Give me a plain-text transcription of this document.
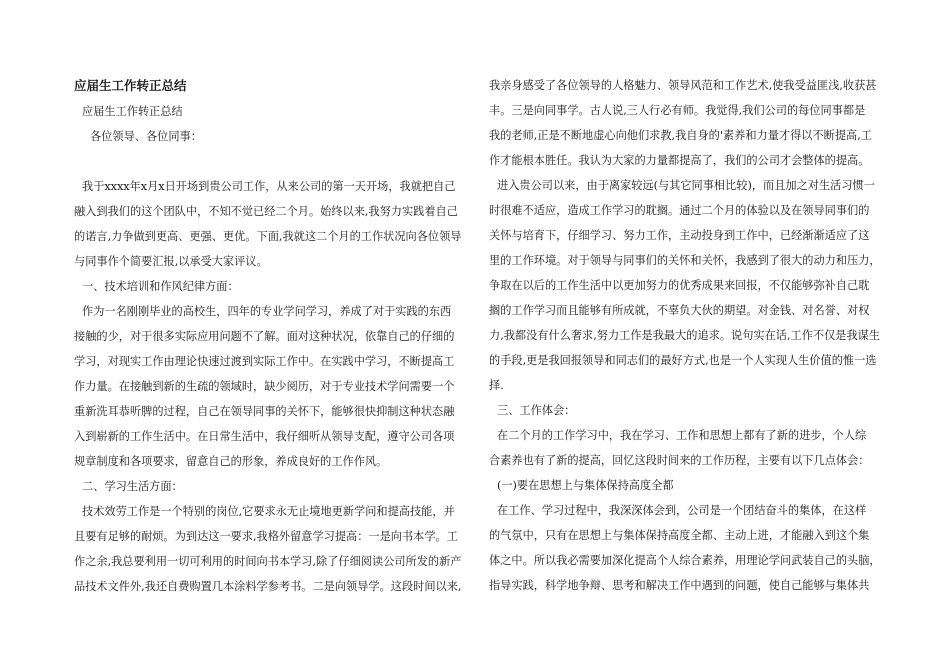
应届生工作转正总结
应届生工作转正总结
各位领导、各位同事：
我于xxxx年x月x日开场到贵公司工作，从来公司的第一天开场，我就把自己
融入到我们的这个团队中，不知不觉已经二个月。始终以来,我努力实践着自己
的诺言,力争做到更高、更强、更优。下面,我就这二个月的工作状况向各位领导
与同事作个简要汇报,以承受大家评议。
一、技术培训和作风纪律方面：
作为一名刚刚毕业的高校生，四年的专业学问学习，养成了对于实践的东西
接触的少，对于很多实际应用问题不了解。面对这种状况，依靠自己的仔细的
学习，对现实工作由理论快速过渡到实际工作中。在实践中学习，不断提高工
作力量。在接触到新的生疏的领域时，缺少阅历，对于专业技术学问需要一个
重新洗耳恭听脾的过程，自己在领导同事的关怀下，能够很快抑制这种状态融
入到崭新的工作生活中。在日常生活中，我仔细听从领导支配，遵守公司各项
规章制度和各项要求，留意自己的形象，养成良好的工作作风。
二、学习生活方面：
技术效劳工作是一个特别的岗位,它要求永无止境地更新学问和提高技能，并
且要有足够的耐烦。为到达这一要求,我格外留意学习提高：一是向书本学。工
作之余,我总要利用一切可利用的时间向书本学习,除了仔细阅读公司所发的新产
品技术文件外,我还自费购置几本涂料学参考书。二是向领导学。这段时间以来,
我亲身感受了各位领导的人格魅力、领导风范和工作艺术,使我受益匪浅,收获甚
丰。三是向同事学。古人说,三人行必有师。我觉得,我们公司的每位同事都是
我的老师,正是不断地虚心向他们求教,我自身的'素养和力量才得以不断提高,工
作才能根本胜任。我认为大家的力量都提高了，我们的公司才会整体的提高。
进入贵公司以来，由于离家较远(与其它同事相比较)，而且加之对生活习惯一
时很难不适应，造成工作学习的耽搁。通过二个月的体验以及在领导同事们的
关怀与培育下，仔细学习、努力工作，主动投身到工作中，已经渐渐适应了这
里的工作环境。对于领导与同事们的关怀和关怀，我感到了很大的动力和压力，
争取在以后的工作生活中以更加努力的优秀成果来回报，不仅能够弥补自己耽
搁的工作学习而且能够有所成就，不辜负大伙的期望。对金钱、对名誉、对权
力,我都没有什么奢求,努力工作是我最大的追求。说句实在话,工作不仅是我谋生
的手段,更是我回报领导和同志们的最好方式,也是一个人实现人生价值的惟一选
择.
三、工作体会：
在二个月的工作学习中，我在学习、工作和思想上都有了新的进步，个人综
合素养也有了新的提高，回忆这段时间来的工作历程，主要有以下几点体会：
(一)要在思想上与集体保持高度全都
在工作、学习过程中，我深深体会到，公司是一个团结奋斗的集体，在这样
的气氛中，只有在思想上与集体保持高度全都、主动上进，才能融入到这个集
体之中。所以我必需要加深化提高个人综合素养，用理论学问武装自己的头脑，
指导实践，科学地争辩、思考和解决工作中遇到的问题，使自己能够与集体共
